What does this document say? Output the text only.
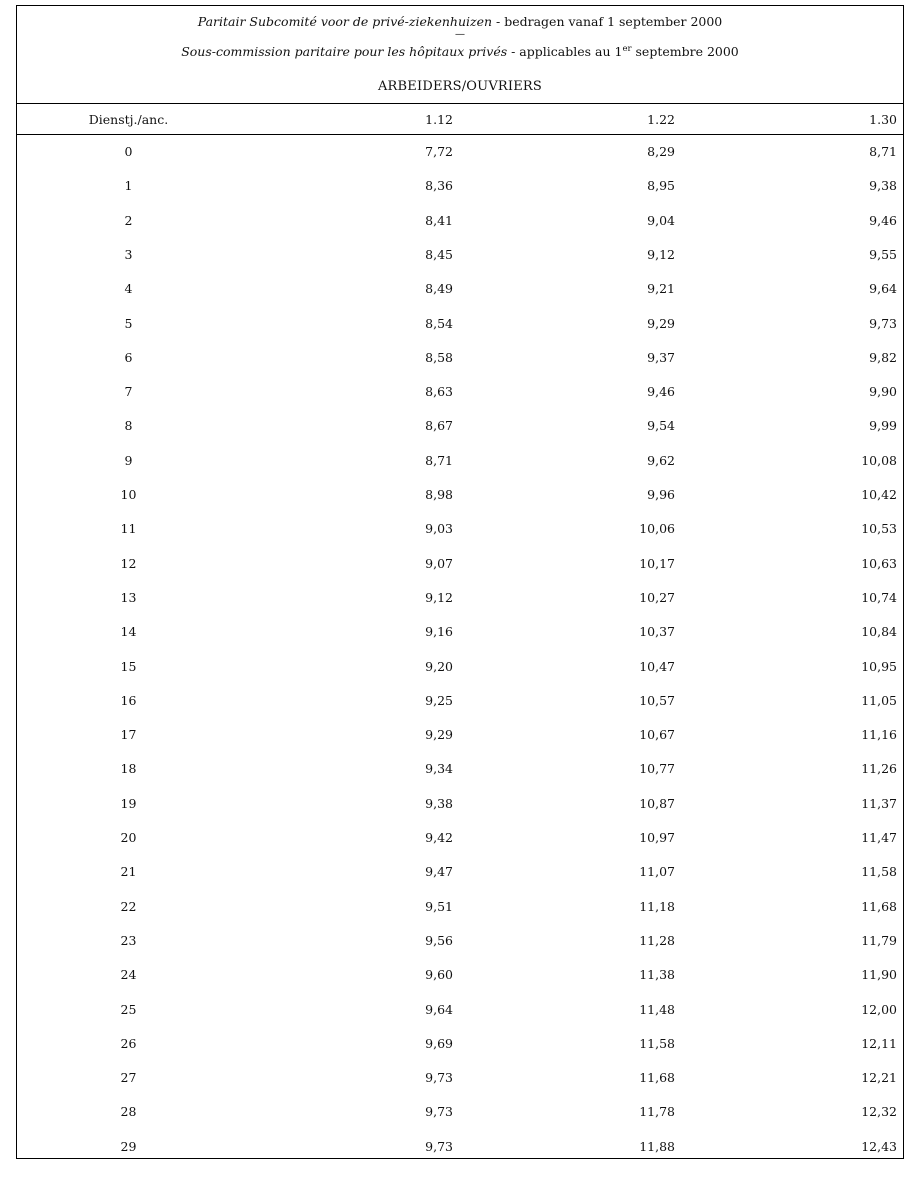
Paritair Subcomité voor de privé-ziekenhuizen - bedragen vanaf 1 september 2000
—
Sous-commission paritaire pour les hôpitaux privés - applicables au 1er septembre 2000
ARBEIDERS/OUVRIERS
Dienstj./anc.	1.12	1.22	1.30
0	7,72	8,29	8,71
1	8,36	8,95	9,38
2	8,41	9,04	9,46
3	8,45	9,12	9,55
4	8,49	9,21	9,64
5	8,54	9,29	9,73
6	8,58	9,37	9,82
7	8,63	9,46	9,90
8	8,67	9,54	9,99
9	8,71	9,62	10,08
10	8,98	9,96	10,42
11	9,03	10,06	10,53
12	9,07	10,17	10,63
13	9,12	10,27	10,74
14	9,16	10,37	10,84
15	9,20	10,47	10,95
16	9,25	10,57	11,05
17	9,29	10,67	11,16
18	9,34	10,77	11,26
19	9,38	10,87	11,37
20	9,42	10,97	11,47
21	9,47	11,07	11,58
22	9,51	11,18	11,68
23	9,56	11,28	11,79
24	9,60	11,38	11,90
25	9,64	11,48	12,00
26	9,69	11,58	12,11
27	9,73	11,68	12,21
28	9,73	11,78	12,32
29	9,73	11,88	12,43
